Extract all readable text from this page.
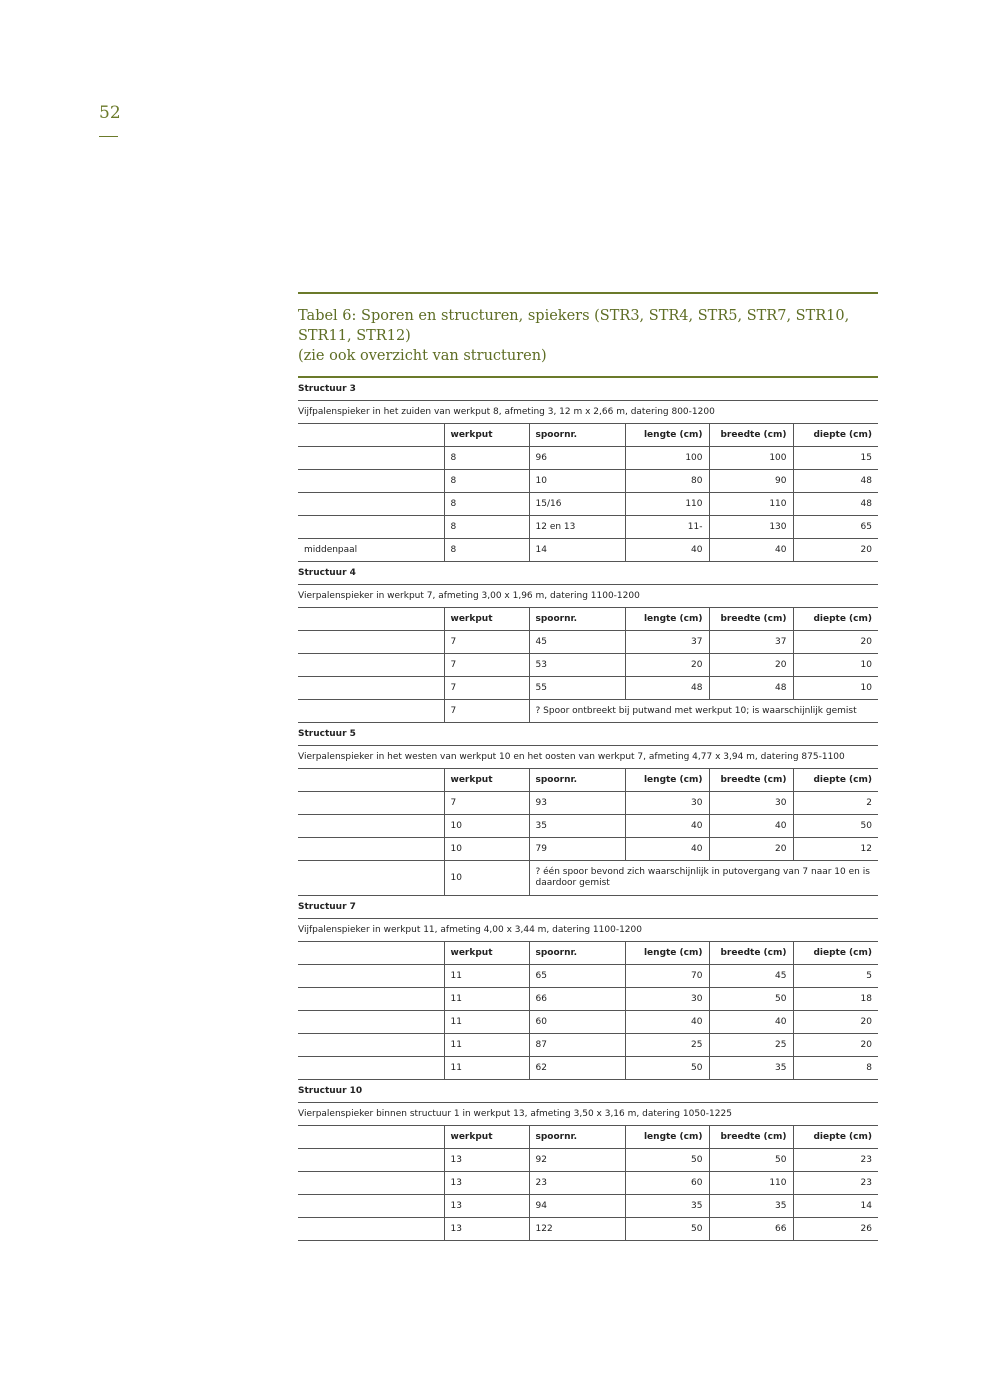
52
Tabel 6: Sporen en structuren, spiekers (STR3, STR4, STR5, STR7, STR10, STR11, STR12)
(zie ook overzicht van structuren)
Structuur 3
Vijfpalenspieker in het zuiden van werkput 8, afmeting 3, 12 m x 2,66 m, datering 800-1200
	werkput	spoornr.	lengte (cm)	breedte (cm)	diepte (cm)
	8	96	100	100	15
	8	10	80	90	48
	8	15/16	110	110	48
	8	12 en 13	11-	130	65
middenpaal	8	14	40	40	20
Structuur 4
Vierpalenspieker in werkput 7, afmeting 3,00 x 1,96 m, datering 1100-1200
	werkput	spoornr.	lengte (cm)	breedte (cm)	diepte (cm)
	7	45	37	37	20
	7	53	20	20	10
	7	55	48	48	10
	7	? Spoor ontbreekt bij putwand met werkput 10; is waarschijnlijk gemist			
Structuur 5
Vierpalenspieker in het westen van werkput 10 en het oosten van werkput 7, afmeting 4,77 x 3,94 m, datering 875-1100
	werkput	spoornr.	lengte (cm)	breedte (cm)	diepte (cm)
	7	93	30	30	2
	10	35	40	40	50
	10	79	40	20	12
	10	? één spoor bevond zich waarschijnlijk in putovergang van 7 naar 10 en is daardoor gemist			
Structuur 7
Vijfpalenspieker in werkput 11, afmeting 4,00 x 3,44 m, datering 1100-1200
	werkput	spoornr.	lengte (cm)	breedte (cm)	diepte (cm)
	11	65	70	45	5
	11	66	30	50	18
	11	60	40	40	20
	11	87	25	25	20
	11	62	50	35	8
Structuur 10
Vierpalenspieker binnen structuur 1 in werkput 13, afmeting 3,50 x 3,16 m, datering 1050-1225
	werkput	spoornr.	lengte (cm)	breedte (cm)	diepte (cm)
	13	92	50	50	23
	13	23	60	110	23
	13	94	35	35	14
	13	122	50	66	26
